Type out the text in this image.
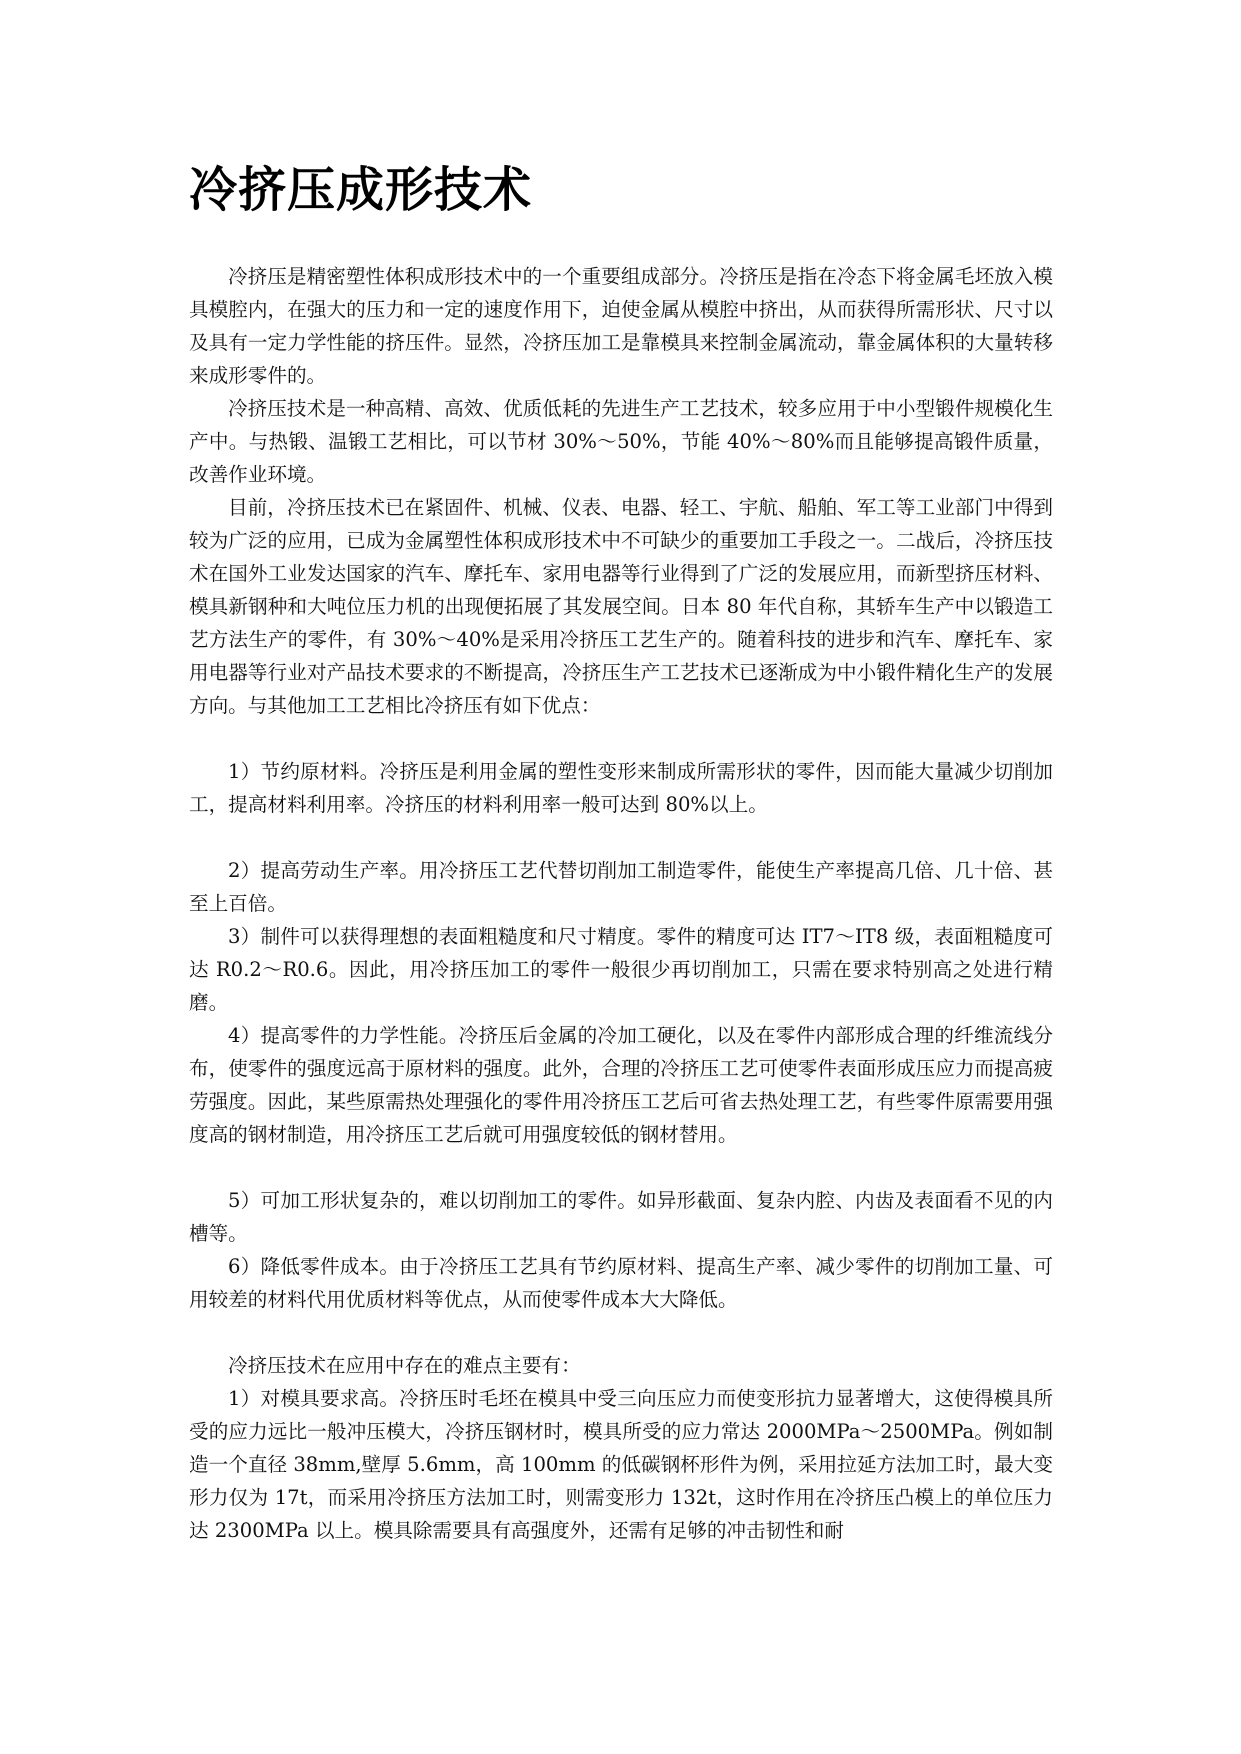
冷挤压成形技术

冷挤压是精密塑性体积成形技术中的一个重要组成部分。冷挤压是指在冷态下将金属毛坯放入模具模腔内，在强大的压力和一定的速度作用下，迫使金属从模腔中挤出，从而获得所需形状、尺寸以及具有一定力学性能的挤压件。显然，冷挤压加工是靠模具来控制金属流动，靠金属体积的大量转移来成形零件的。

冷挤压技术是一种高精、高效、优质低耗的先进生产工艺技术，较多应用于中小型锻件规模化生产中。与热锻、温锻工艺相比，可以节材 30%～50%，节能 40%～80%而且能够提高锻件质量，改善作业环境。

目前，冷挤压技术已在紧固件、机械、仪表、电器、轻工、宇航、船舶、军工等工业部门中得到较为广泛的应用，已成为金属塑性体积成形技术中不可缺少的重要加工手段之一。二战后，冷挤压技术在国外工业发达国家的汽车、摩托车、家用电器等行业得到了广泛的发展应用，而新型挤压材料、模具新钢种和大吨位压力机的出现便拓展了其发展空间。日本 80 年代自称，其轿车生产中以锻造工艺方法生产的零件，有 30%～40%是采用冷挤压工艺生产的。随着科技的进步和汽车、摩托车、家用电器等行业对产品技术要求的不断提高，冷挤压生产工艺技术已逐渐成为中小锻件精化生产的发展方向。与其他加工工艺相比冷挤压有如下优点：

1）节约原材料。冷挤压是利用金属的塑性变形来制成所需形状的零件，因而能大量减少切削加工，提高材料利用率。冷挤压的材料利用率一般可达到 80%以上。

2）提高劳动生产率。用冷挤压工艺代替切削加工制造零件，能使生产率提高几倍、几十倍、甚至上百倍。

3）制件可以获得理想的表面粗糙度和尺寸精度。零件的精度可达 IT7～IT8 级，表面粗糙度可达 R0.2～R0.6。因此，用冷挤压加工的零件一般很少再切削加工，只需在要求特别高之处进行精磨。

4）提高零件的力学性能。冷挤压后金属的冷加工硬化，以及在零件内部形成合理的纤维流线分布，使零件的强度远高于原材料的强度。此外，合理的冷挤压工艺可使零件表面形成压应力而提高疲劳强度。因此，某些原需热处理强化的零件用冷挤压工艺后可省去热处理工艺，有些零件原需要用强度高的钢材制造，用冷挤压工艺后就可用强度较低的钢材替用。

5）可加工形状复杂的，难以切削加工的零件。如异形截面、复杂内腔、内齿及表面看不见的内槽等。

6）降低零件成本。由于冷挤压工艺具有节约原材料、提高生产率、减少零件的切削加工量、可用较差的材料代用优质材料等优点，从而使零件成本大大降低。

冷挤压技术在应用中存在的难点主要有：

1）对模具要求高。冷挤压时毛坯在模具中受三向压应力而使变形抗力显著增大，这使得模具所受的应力远比一般冲压模大，冷挤压钢材时，模具所受的应力常达 2000MPa～2500MPa。例如制造一个直径 38mm,壁厚 5.6mm，高 100mm 的低碳钢杯形件为例，采用拉延方法加工时，最大变形力仅为 17t，而采用冷挤压方法加工时，则需变形力 132t，这时作用在冷挤压凸模上的单位压力达 2300MPa 以上。模具除需要具有高强度外，还需有足够的冲击韧性和耐
